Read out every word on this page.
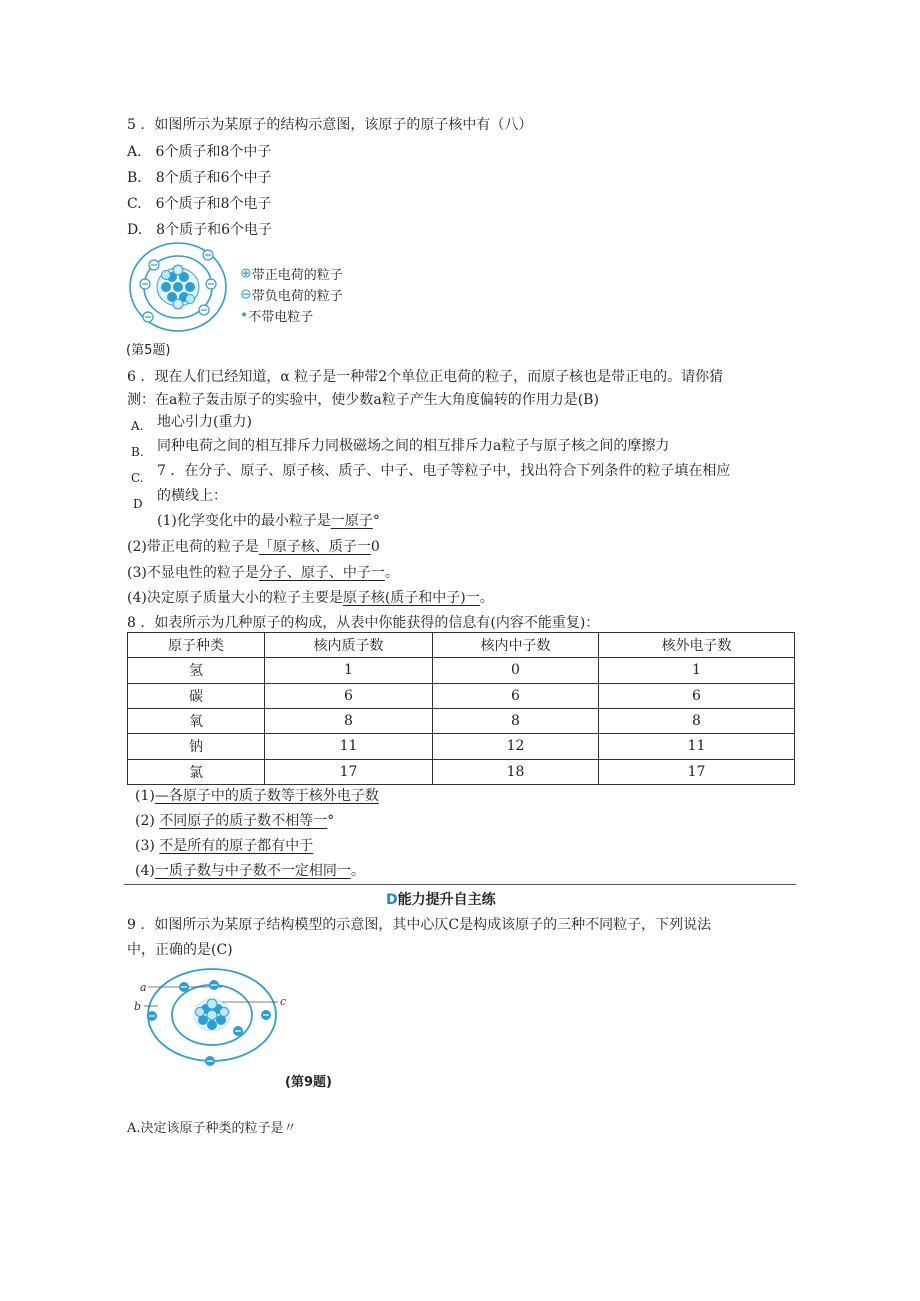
5 ．如图所示为某原子的结构示意图，该原子的原子核中有（八）
A.　6个质子和8个中子
B.　8个质子和6个中子
C.　6个质子和8个电子
D.　8个质子和6个电子
⊕带正电荷的粒子
⊖带负电荷的粒子
•不带电粒子
(第5题)
6 ．现在人们已经知道，α 粒子是一种带2个单位正电荷的粒子，而原子核也是带正电的。请你猜
测：在a粒子轰击原子的实验中，使少数a粒子产生大角度偏转的作用力是(B)
A. 地心引力(重力)
B. 同种电荷之间的相互排斥力同极磁场之间的相互排斥力a粒子与原子核之间的摩擦力
C.
D
7 ．在分子、原子、原子核、质子、中子、电子等粒子中，找出符合下列条件的粒子填在相应
的横线上：
(1)化学变化中的最小粒子是一原子°
(2)带正电荷的粒子是「原子核、质子一0
(3)不显电性的粒子是分子、原子、中子一。
(4)决定原子质量大小的粒子主要是原子核(质子和中子)一。
8 ．如表所示为几种原子的构成，从表中你能获得的信息有(内容不能重复)：
原子种类	核内质子数	核内中子数	核外电子数
氢	1	0	1
碳	6	6	6
氧	8	8	8
钠	11	12	11
氯	17	18	17
(1)—各原子中的质子数等于核外电子数
(2) 不同原子的质子数不相等一°
(3) 不是所有的原子都有中于
(4)一质子数与中子数不一定相同一。
D能力提升自主练
9 ．如图所示为某原子结构模型的示意图，其中心仄C是构成该原子的三种不同粒子，下列说法
中，正确的是(C)
a
b	c
(第9题)
A.决定该原子种类的粒子是〃
